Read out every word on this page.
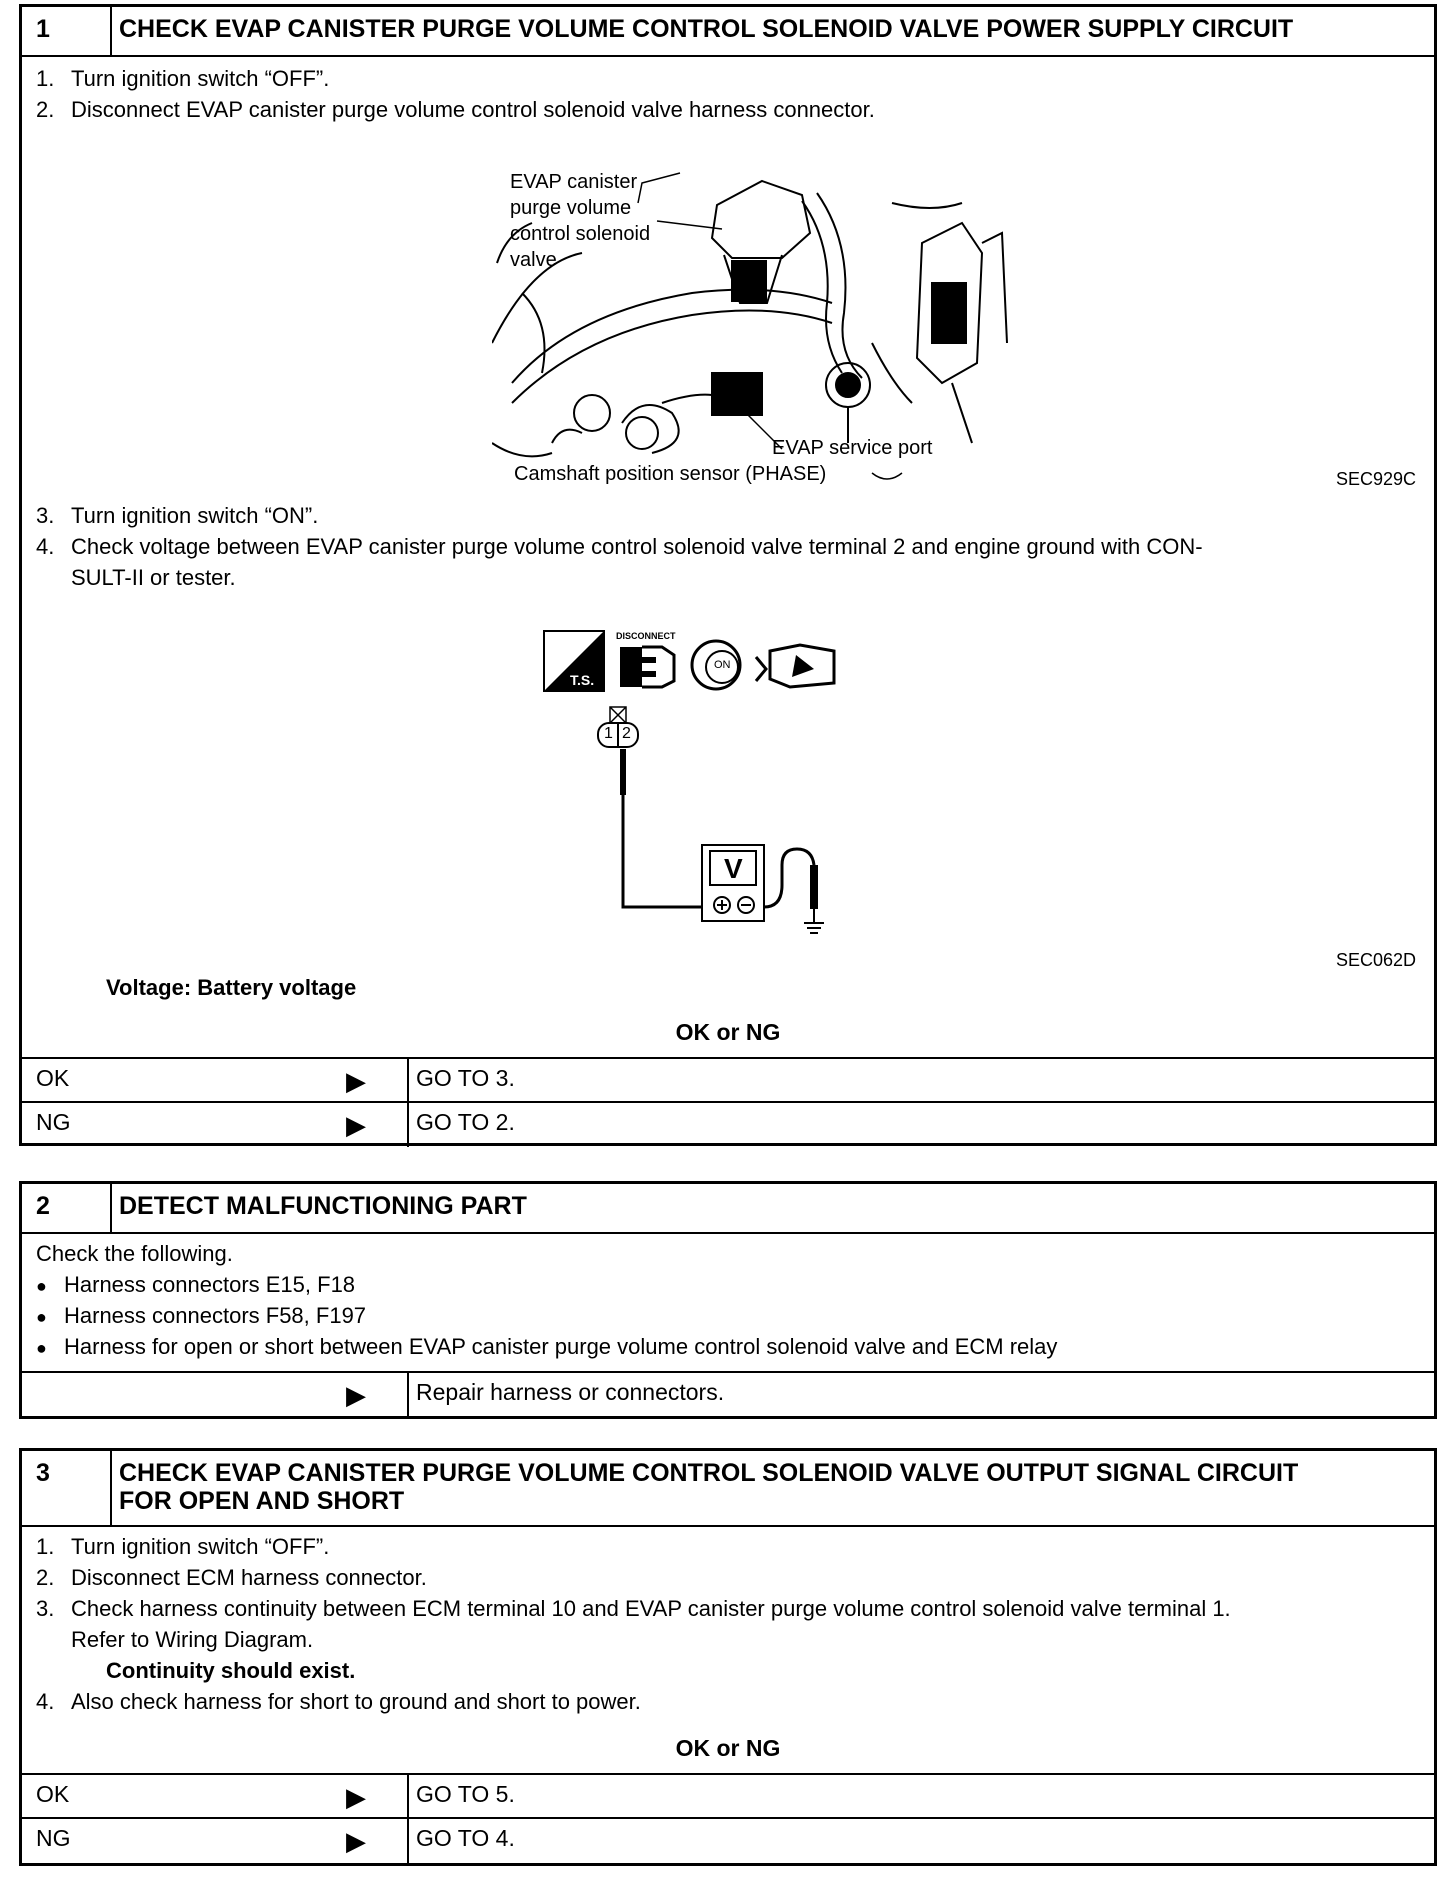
1	CHECK EVAP CANISTER PURGE VOLUME CONTROL SOLENOID VALVE POWER SUPPLY CIRCUIT
1. Turn ignition switch “OFF”.
2. Disconnect EVAP canister purge volume control solenoid valve harness connector.
EVAP canister
purge volume
control solenoid
valve
EVAP service port
Camshaft position sensor (PHASE)	SEC929C
3. Turn ignition switch “ON”.
4. Check voltage between EVAP canister purge volume control solenoid valve terminal 2 and engine ground with CON-
SULT-II or tester.
T.S.
DISCONNECT
ON
1 2
V
SEC062D
Voltage: Battery voltage
OK or NG
OK	▶ GO TO 3.
NG	▶ GO TO 2.
2	DETECT MALFUNCTIONING PART
Check the following.
● Harness connectors E15, F18
● Harness connectors F58, F197
● Harness for open or short between EVAP canister purge volume control solenoid valve and ECM relay
▶ Repair harness or connectors.
3	CHECK EVAP CANISTER PURGE VOLUME CONTROL SOLENOID VALVE OUTPUT SIGNAL CIRCUIT
FOR OPEN AND SHORT
1. Turn ignition switch “OFF”.
2. Disconnect ECM harness connector.
3. Check harness continuity between ECM terminal 10 and EVAP canister purge volume control solenoid valve terminal 1.
Refer to Wiring Diagram.
Continuity should exist.
4. Also check harness for short to ground and short to power.
OK or NG
OK	▶ GO TO 5.
NG	▶ GO TO 4.
